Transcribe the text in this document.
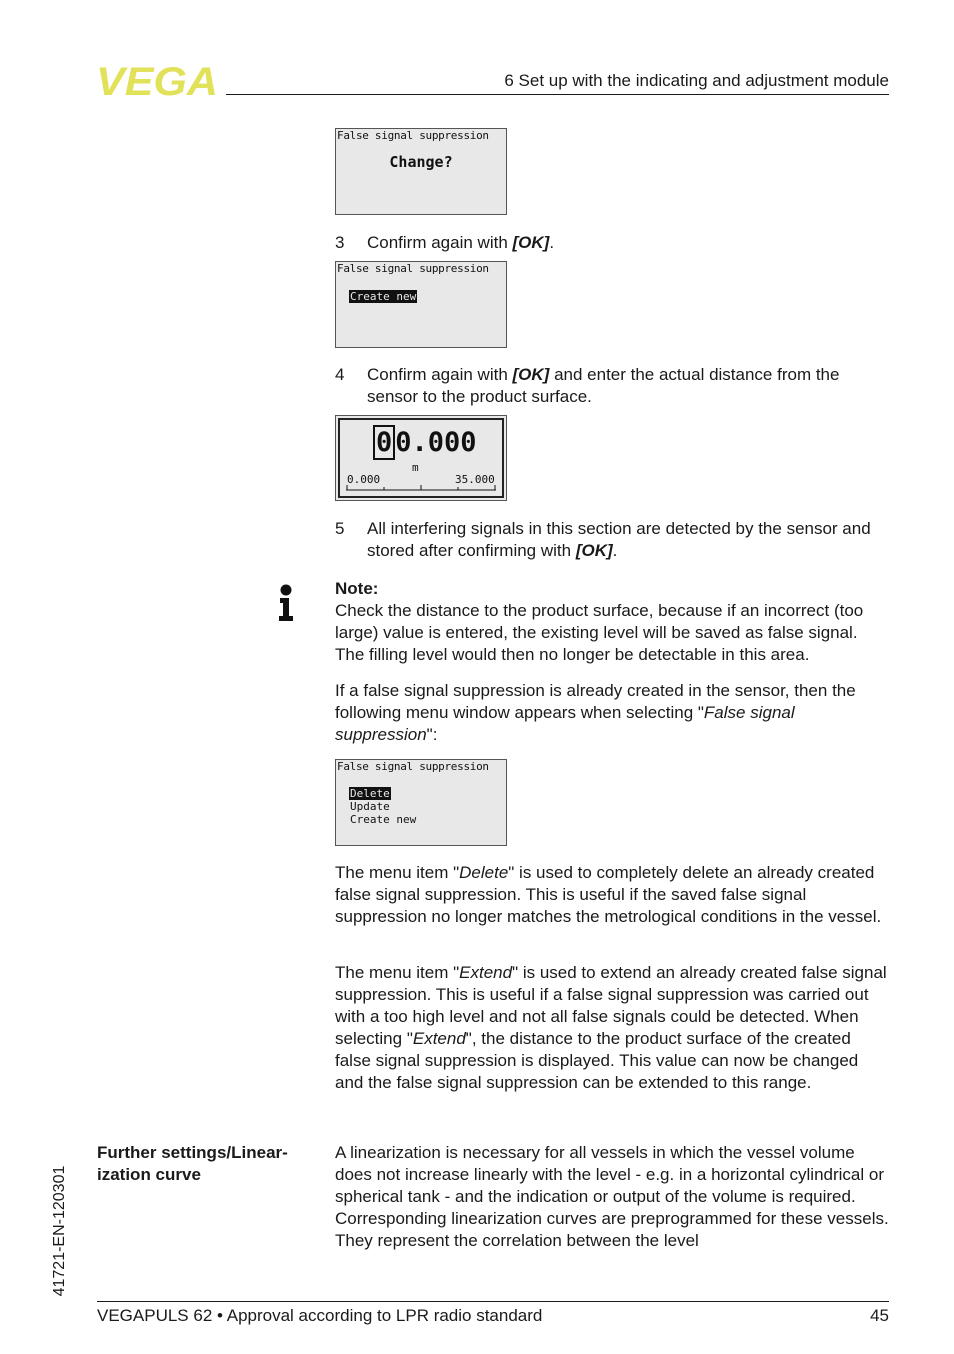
VEGA	6 Set up with the indicating and adjustment module
False signal suppression
Change?
3 Confirm again with [OK].
False signal suppression
Create new
4 Confirm again with [OK] and enter the actual distance from the sensor to the product surface.
0 0.000
m
0.000	35.000
5 All interfering signals in this section are detected by the sensor and stored after confirming with [OK].
Note:
Check the distance to the product surface, because if an incorrect (too large) value is entered, the existing level will be saved as false signal. The filling level would then no longer be detectable in this area.
If a false signal suppression is already created in the sensor, then the following menu window appears when selecting "False signal suppression":
False signal suppression
Delete
Update
Create new
The menu item "Delete" is used to completely delete an already created false signal suppression. This is useful if the saved false signal suppression no longer matches the metrological conditions in the vessel.
The menu item "Extend" is used to extend an already created false signal suppression. This is useful if a false signal suppression was carried out with a too high level and not all false signals could be detected. When selecting "Extend", the distance to the product surface of the created false signal suppression is displayed. This value can now be changed and the false signal suppression can be extended to this range.
Further settings/Linear-ization curve
A linearization is necessary for all vessels in which the vessel volume does not increase linearly with the level - e.g. in a horizontal cylindrical or spherical tank - and the indication or output of the volume is required. Corresponding linearization curves are preprogrammed for these vessels. They represent the correlation between the level
41721-EN-120301
VEGAPULS 62 • Approval according to LPR radio standard	45
